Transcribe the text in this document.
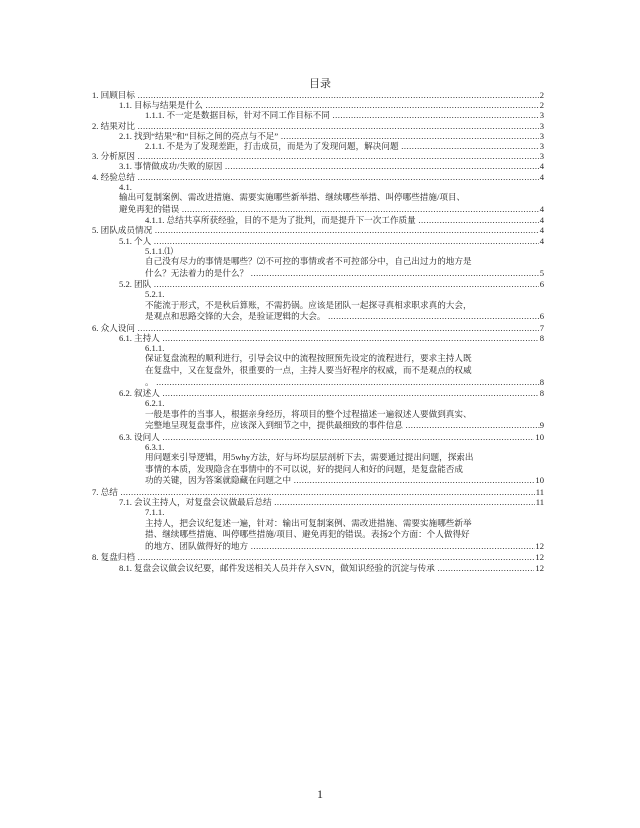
目录
1. 回顾目标 .....	2
1.1. 目标与结果是什么 .....	2
1.1.1. 不一定是数据目标，针对不同工作目标不同 .....	3
2. 结果对比 .....	3
2.1. 找到“结果”和“目标之间的亮点与不足” .....	3
2.1.1. 不是为了发现差距，打击成员，而是为了发现问题，解决问题 .....	3
3. 分析原因 .....	3
3.1. 事情做成功/失败的原因 .....	4
4. 经验总结 .....	4
4.1.
输出可复制案例、需改进措施、需要实施哪些新举措、继续哪些举措、叫停哪些措施/项目、
避免再犯的错误 .....	4
4.1.1. 总结共享所获经验，目的不是为了批判，而是提升下一次工作质量 .....	4
5. 团队成员情况 .....	4
5.1. 个人 .....	4
5.1.1.⑴
自己没有尽力的事情是哪些？⑵不可控的事情或者不可控部分中，自己出过力的地方是
什么？无法着力的是什么？ .....	5
5.2. 团队 .....	6
5.2.1.
不能流于形式，不是秋后算账，不需扔锅。应该是团队一起探寻真相求职求真的大会，
是观点和思路交锋的大会，是验证逻辑的大会。 .....	6
6. 众人设问 .....	7
6.1. 主持人 .....	8
6.1.1.
保证复盘流程的顺利进行，引导会议中的流程按照预先设定的流程进行，要求主持人既
在复盘中，又在复盘外，很重要的一点，主持人要当好程序的权威，而不是观点的权威
。 .....	8
6.2. 叙述人 .....	8
6.2.1.
一般是事件的当事人，根据亲身经历，将项目的整个过程描述一遍叙述人要做到真实、
完整地呈现复盘事件，应该深入到细节之中，提供最细致的事件信息 .....	9
6.3. 设问人 .....	10
6.3.1.
用问题来引导逻辑，用5why方法，好与坏均层层剖析下去，需要通过提出问题，探索出
事情的本质，发现隐含在事情中的不可以说，好的提问人和好的问题，是复盘能否成
功的关键，因为答案就隐藏在问题之中 .....	10
7. 总结 .....	11
7.1. 会议主持人，对复盘会议做最后总结 .....	11
7.1.1.
主持人，把会议纪复述一遍，针对：输出可复制案例、需改进措施、需要实施哪些新举
措、继续哪些措施、叫停哪些措施/项目、避免再犯的错误。表扬2个方面：个人做得好
的地方、团队做得好的地方 .....	12
8. 复盘归档 .....	12
8.1. 复盘会议做会议纪要，邮件发送相关人员并存入SVN，做知识经验的沉淀与传承 .....	12
1
